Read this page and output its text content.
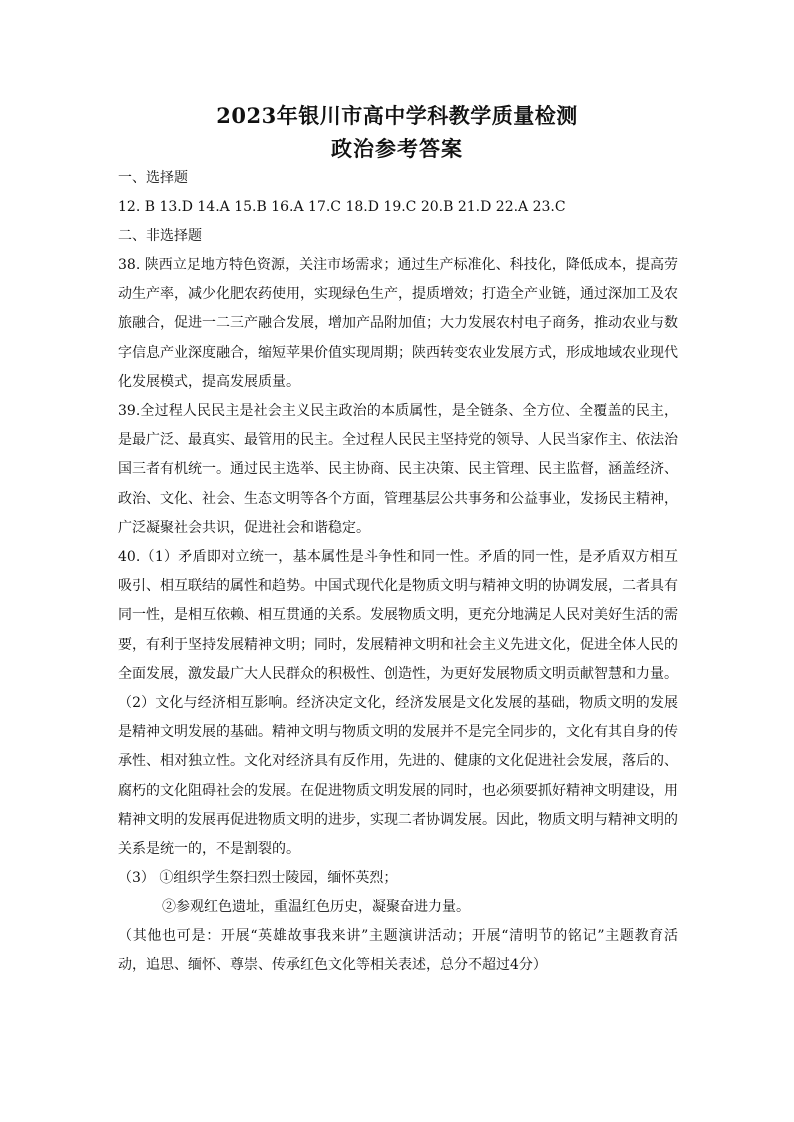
2023年银川市高中学科教学质量检测
政治参考答案

一、选择题

12. B 13.D 14.A 15.B 16.A 17.C 18.D 19.C 20.B 21.D 22.A 23.C

二、非选择题

38. 陕西立足地方特色资源，关注市场需求；通过生产标准化、科技化，降低成本，提高劳动生产率，减少化肥农药使用，实现绿色生产，提质增效；打造全产业链，通过深加工及农旅融合，促进一二三产融合发展，增加产品附加值；大力发展农村电子商务，推动农业与数字信息产业深度融合，缩短苹果价值实现周期；陕西转变农业发展方式，形成地域农业现代化发展模式，提高发展质量。

39.全过程人民民主是社会主义民主政治的本质属性，是全链条、全方位、全覆盖的民主，是最广泛、最真实、最管用的民主。全过程人民民主坚持党的领导、人民当家作主、依法治国三者有机统一。通过民主选举、民主协商、民主决策、民主管理、民主监督，涵盖经济、政治、文化、社会、生态文明等各个方面，管理基层公共事务和公益事业，发扬民主精神，广泛凝聚社会共识，促进社会和谐稳定。

40.（1）矛盾即对立统一，基本属性是斗争性和同一性。矛盾的同一性，是矛盾双方相互吸引、相互联结的属性和趋势。中国式现代化是物质文明与精神文明的协调发展，二者具有同一性，是相互依赖、相互贯通的关系。发展物质文明，更充分地满足人民对美好生活的需要，有利于坚持发展精神文明；同时，发展精神文明和社会主义先进文化，促进全体人民的全面发展，激发最广大人民群众的积极性、创造性，为更好发展物质文明贡献智慧和力量。

（2）文化与经济相互影响。经济决定文化，经济发展是文化发展的基础，物质文明的发展是精神文明发展的基础。精神文明与物质文明的发展并不是完全同步的，文化有其自身的传承性、相对独立性。文化对经济具有反作用，先进的、健康的文化促进社会发展，落后的、腐朽的文化阻碍社会的发展。在促进物质文明发展的同时，也必须要抓好精神文明建设，用精神文明的发展再促进物质文明的进步，实现二者协调发展。因此，物质文明与精神文明的关系是统一的，不是割裂的。

（3） ①组织学生祭扫烈士陵园，缅怀英烈；

②参观红色遗址，重温红色历史，凝聚奋进力量。

（其他也可是：开展“英雄故事我来讲”主题演讲活动；开展“清明节的铭记”主题教育活动，追思、缅怀、尊崇、传承红色文化等相关表述，总分不超过4分）
